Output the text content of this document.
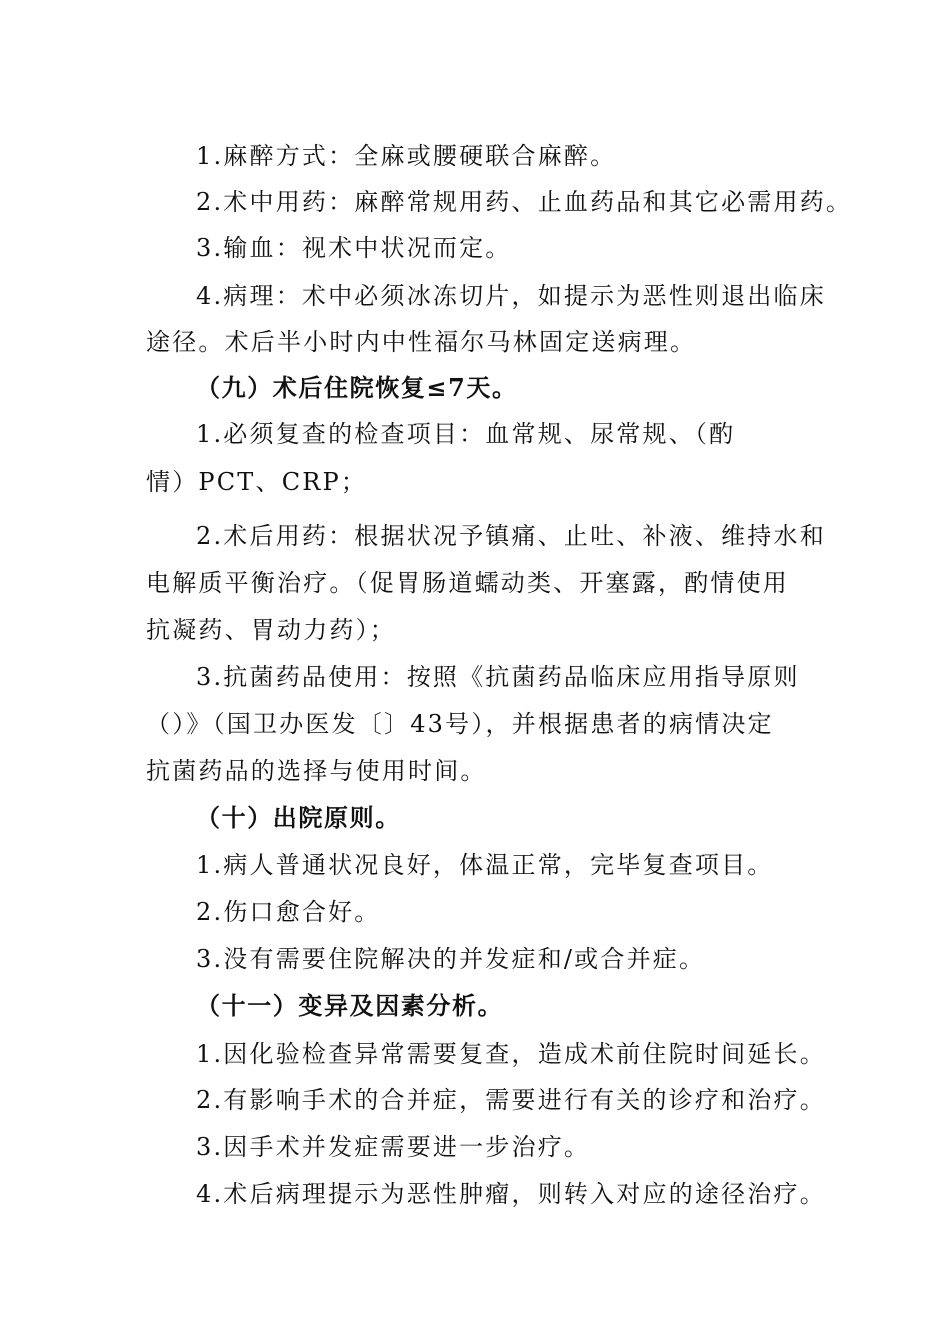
1.麻醉方式：全麻或腰硬联合麻醉。
2.术中用药：麻醉常规用药、止血药品和其它必需用药。
3.输血：视术中状况而定。
4.病理：术中必须冰冻切片，如提示为恶性则退出临床
途径。术后半小时内中性福尔马林固定送病理。
（九）术后住院恢复≤7天。
1.必须复查的检查项目：血常规、尿常规、（酌
情）PCT、CRP；
2.术后用药：根据状况予镇痛、止吐、补液、维持水和
电解质平衡治疗。（促胃肠道蠕动类、开塞露，酌情使用
抗凝药、胃动力药）；
3.抗菌药品使用：按照《抗菌药品临床应用指导原则
（）》（国卫办医发〔〕43号），并根据患者的病情决定
抗菌药品的选择与使用时间。
（十）出院原则。
1.病人普通状况良好，体温正常，完毕复查项目。
2.伤口愈合好。
3.没有需要住院解决的并发症和/或合并症。
（十一）变异及因素分析。
1.因化验检查异常需要复查，造成术前住院时间延长。
2.有影响手术的合并症，需要进行有关的诊疗和治疗。
3.因手术并发症需要进一步治疗。
4.术后病理提示为恶性肿瘤，则转入对应的途径治疗。
